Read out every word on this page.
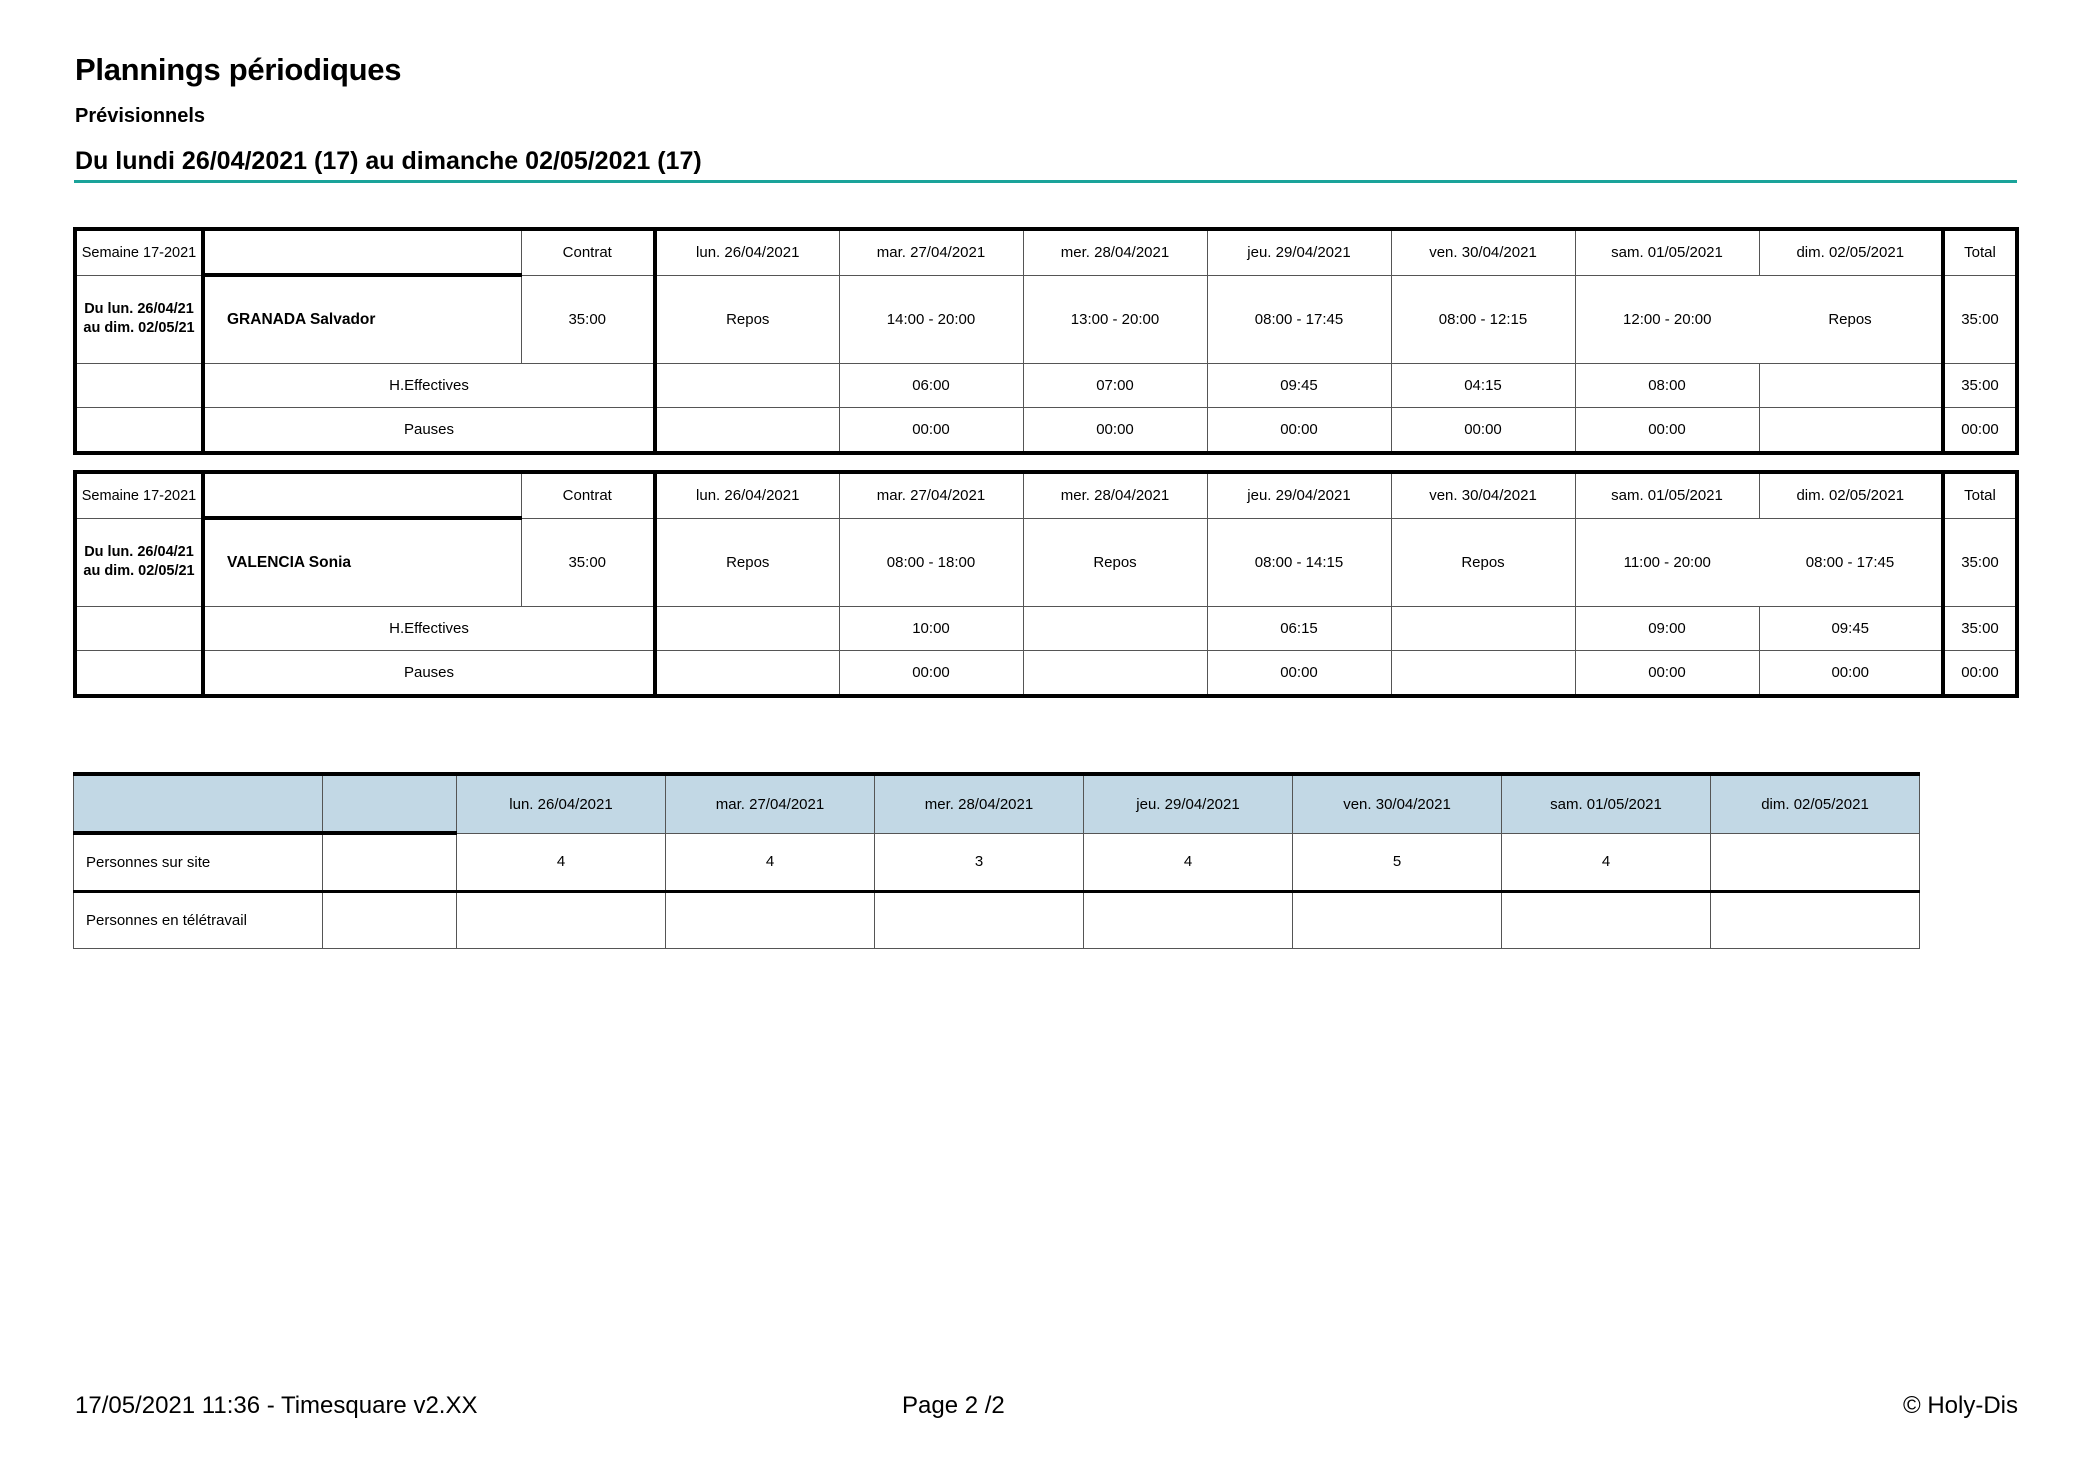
Plannings périodiques
Prévisionnels
Du lundi 26/04/2021 (17) au dimanche 02/05/2021 (17)
Semaine 17-2021		Contrat	lun. 26/04/2021	mar. 27/04/2021	mer. 28/04/2021	jeu. 29/04/2021	ven. 30/04/2021	sam. 01/05/2021	dim. 02/05/2021	Total
Du lun. 26/04/21
au dim. 02/05/21	GRANADA Salvador	35:00	Repos	14:00 - 20:00	13:00 - 20:00	08:00 - 17:45	08:00 - 12:15	12:00 - 20:00	Repos	35:00
	H.Effectives			06:00	07:00	09:45	04:15	08:00		35:00
	Pauses			00:00	00:00	00:00	00:00	00:00		00:00
Semaine 17-2021		Contrat	lun. 26/04/2021	mar. 27/04/2021	mer. 28/04/2021	jeu. 29/04/2021	ven. 30/04/2021	sam. 01/05/2021	dim. 02/05/2021	Total
Du lun. 26/04/21
au dim. 02/05/21	VALENCIA Sonia	35:00	Repos	08:00 - 18:00	Repos	08:00 - 14:15	Repos	11:00 - 20:00	08:00 - 17:45	35:00
	H.Effectives			10:00		06:15		09:00	09:45	35:00
	Pauses			00:00		00:00		00:00	00:00	00:00
		lun. 26/04/2021	mar. 27/04/2021	mer. 28/04/2021	jeu. 29/04/2021	ven. 30/04/2021	sam. 01/05/2021	dim. 02/05/2021
Personnes sur site		4	4	3	4	5	4	
Personnes en télétravail								
17/05/2021 11:36 - Timesquare v2.XX	Page 2 /2	© Holy-Dis
